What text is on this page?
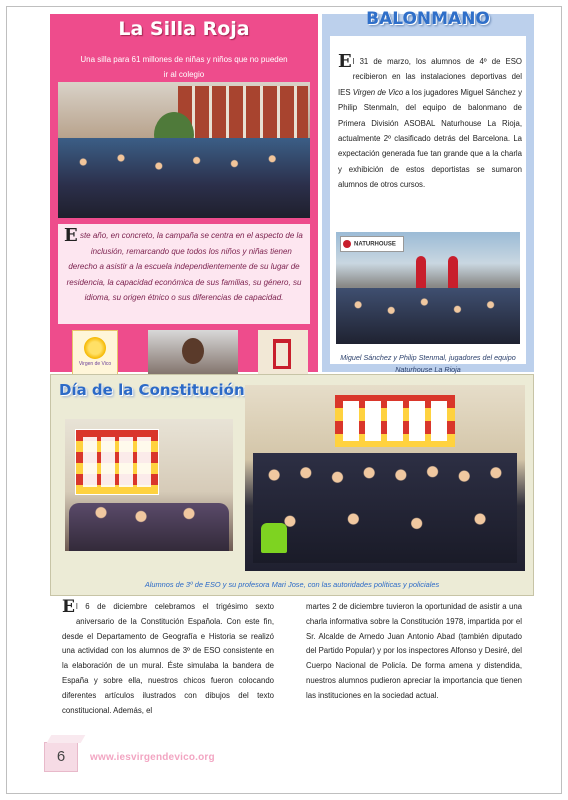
La Silla Roja

Una silla para 61 millones de niñas y niños que no pueden ir al colegio

Este año, en concreto, la campaña se centra en el aspecto de la inclusión, remarcando que todos los niños y niñas tienen derecho a asistir a la escuela independientemente de su lugar de residencia, la capacidad económica de sus familias, su género, su idioma, su origen étnico o sus diferencias de capacidad.
Virgen de Vico
BALONMANO

El 31 de marzo, los alumnos de 4º de ESO recibieron en las instalaciones deportivas del IES Virgen de Vico a los jugadores Miguel Sánchez y Philip Stenmaln, del equipo de balonmano de Primera División ASOBAL Naturhouse La Rioja, actualmente 2º clasificado detrás del Barcelona. La expectación generada fue tan grande que a la charla y exhibición de estos deportistas se sumaron alumnos de otros cursos.

NATURHOUSE

Miguel Sánchez y Philip Stenmal, jugadores del equipo Naturhouse La Rioja

Día de la Constitución

Alumnos de 3º de ESO y su profesora Mari Jose, con las autoridades políticas y policiales

El 6 de diciembre celebramos el trigésimo sexto aniversario de la Constitución Española. Con este fin, desde el Departamento de Geografía e Historia se realizó una actividad con los alumnos de 3º de ESO consistente en la elaboración de un mural. Éste simulaba la bandera de España y sobre ella, nuestros chicos fueron colocando diferentes artículos ilustrados con dibujos del texto constitucional. Además, el

martes 2 de diciembre tuvieron la oportunidad de asistir a una charla informativa sobre la Constitución 1978, impartida por el Sr. Alcalde de Arnedo Juan Antonio Abad (también diputado del Partido Popular) y por los inspectores Alfonso y Desiré, del Cuerpo Nacional de Policía. De forma amena y distendida, nuestros alumnos pudieron apreciar la importancia que tienen las instituciones en la sociedad actual.

6	www.iesvirgendevico.org
